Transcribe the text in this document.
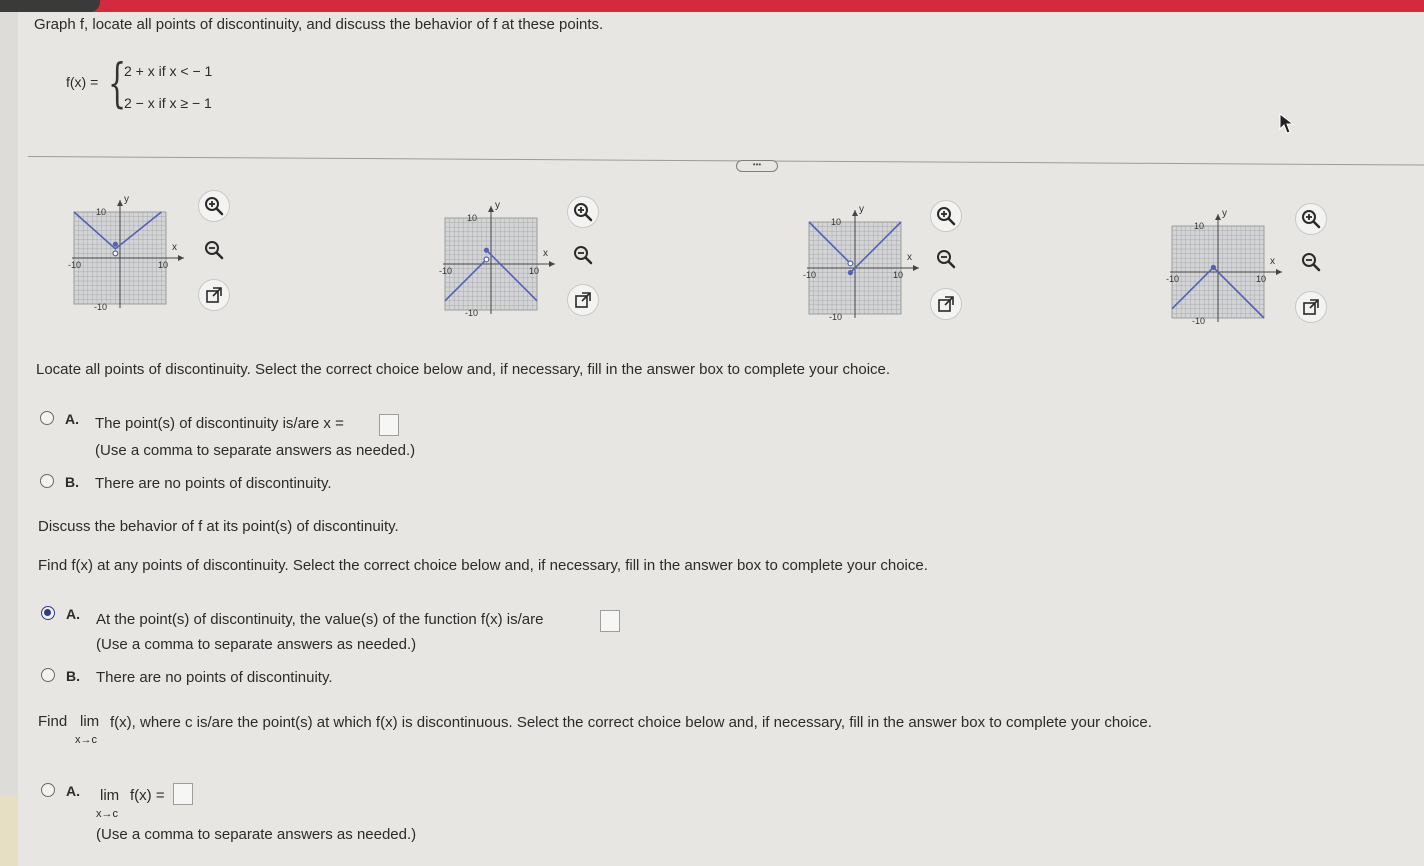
Graph f, locate all points of discontinuity, and discuss the behavior of f at these points.
f(x) = {
2 + x if x < − 1
2 − x if x ≥ − 1
•••
y
x
10
-10	10
-10
y
x
10
-10	10
-10
y
x
10
-10	10
-10
y
x
10
-10	10
-10
Locate all points of discontinuity. Select the correct choice below and, if necessary, fill in the answer box to complete your choice.
A. The point(s) of discontinuity is/are x =
(Use a comma to separate answers as needed.)
B. There are no points of discontinuity.
Discuss the behavior of f at its point(s) of discontinuity.
Find f(x) at any points of discontinuity. Select the correct choice below and, if necessary, fill in the answer box to complete your choice.
A. At the point(s) of discontinuity, the value(s) of the function f(x) is/are
(Use a comma to separate answers as needed.)
B. There are no points of discontinuity.
Find lim
x→c
f(x), where c is/are the point(s) at which f(x) is discontinuous. Select the correct choice below and, if necessary, fill in the answer box to complete your choice.
A. lim f(x) =
x→c
(Use a comma to separate answers as needed.)
